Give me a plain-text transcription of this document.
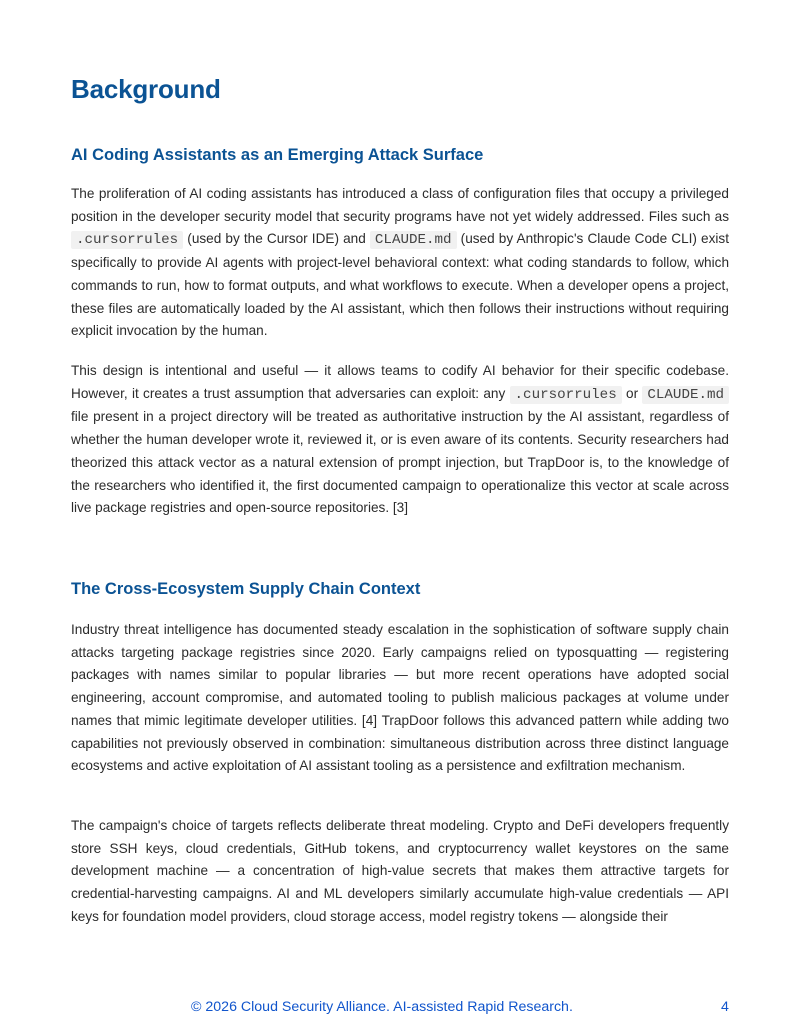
Background
AI Coding Assistants as an Emerging Attack Surface

The proliferation of AI coding assistants has introduced a class of configuration files that occupy a privileged position in the developer security model that security programs have not yet widely addressed. Files such as .cursorrules (used by the Cursor IDE) and CLAUDE.md (used by Anthropic's Claude Code CLI) exist specifically to provide AI agents with project-level behavioral context: what coding standards to follow, which commands to run, how to format outputs, and what workflows to execute. When a developer opens a project, these files are automatically loaded by the AI assistant, which then follows their instructions without requiring explicit invocation by the human.

This design is intentional and useful — it allows teams to codify AI behavior for their specific codebase. However, it creates a trust assumption that adversaries can exploit: any .cursorrules or CLAUDE.md file present in a project directory will be treated as authoritative instruction by the AI assistant, regardless of whether the human developer wrote it, reviewed it, or is even aware of its contents. Security researchers had theorized this attack vector as a natural extension of prompt injection, but TrapDoor is, to the knowledge of the researchers who identified it, the first documented campaign to operationalize this vector at scale across live package registries and open-source repositories. [3]

The Cross-Ecosystem Supply Chain Context

Industry threat intelligence has documented steady escalation in the sophistication of software supply chain attacks targeting package registries since 2020. Early campaigns relied on typosquatting — registering packages with names similar to popular libraries — but more recent operations have adopted social engineering, account compromise, and automated tooling to publish malicious packages at volume under names that mimic legitimate developer utilities. [4] TrapDoor follows this advanced pattern while adding two capabilities not previously observed in combination: simultaneous distribution across three distinct language ecosystems and active exploitation of AI assistant tooling as a persistence and exfiltration mechanism.

The campaign's choice of targets reflects deliberate threat modeling. Crypto and DeFi developers frequently store SSH keys, cloud credentials, GitHub tokens, and cryptocurrency wallet keystores on the same development machine — a concentration of high-value secrets that makes them attractive targets for credential-harvesting campaigns. AI and ML developers similarly accumulate high-value credentials — API keys for foundation model providers, cloud storage access, model registry tokens — alongside their

© 2026 Cloud Security Alliance. AI-assisted Rapid Research.	4
